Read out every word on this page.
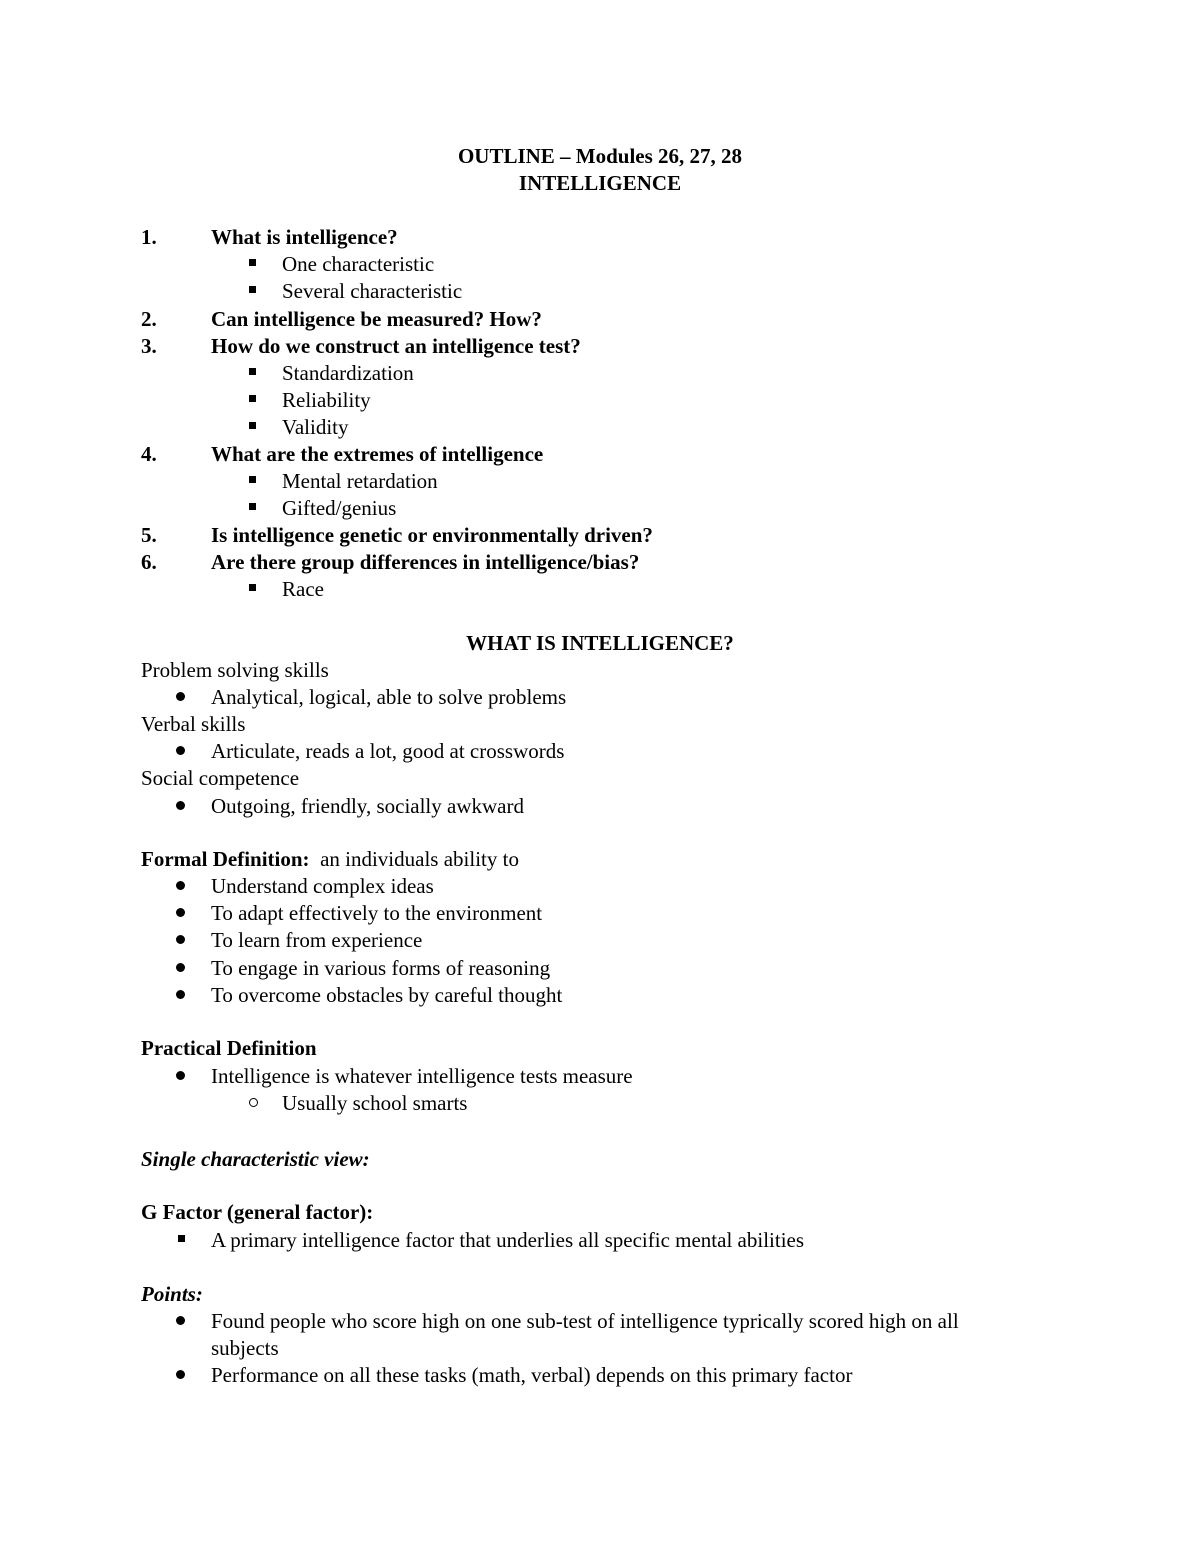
OUTLINE – Modules 26, 27, 28
INTELLIGENCE
1.	What is intelligence?
One characteristic
Several characteristic
2.	Can intelligence be measured? How?
3.	How do we construct an intelligence test?
Standardization
Reliability
Validity
4.	What are the extremes of intelligence
Mental retardation
Gifted/genius
5.	Is intelligence genetic or environmentally driven?
6.	Are there group differences in intelligence/bias?
Race
WHAT IS INTELLIGENCE?
Problem solving skills
Analytical, logical, able to solve problems
Verbal skills
Articulate, reads a lot, good at crosswords
Social competence
Outgoing, friendly, socially awkward
Formal Definition:  an individuals ability to
Understand complex ideas
To adapt effectively to the environment
To learn from experience
To engage in various forms of reasoning
To overcome obstacles by careful thought
Practical Definition
Intelligence is whatever intelligence tests measure
Usually school smarts
Single characteristic view:
G Factor (general factor):
A primary intelligence factor that underlies all specific mental abilities
Points:
Found people who score high on one sub-test of intelligence typrically scored high on all
subjects
Performance on all these tasks (math, verbal) depends on this primary factor
